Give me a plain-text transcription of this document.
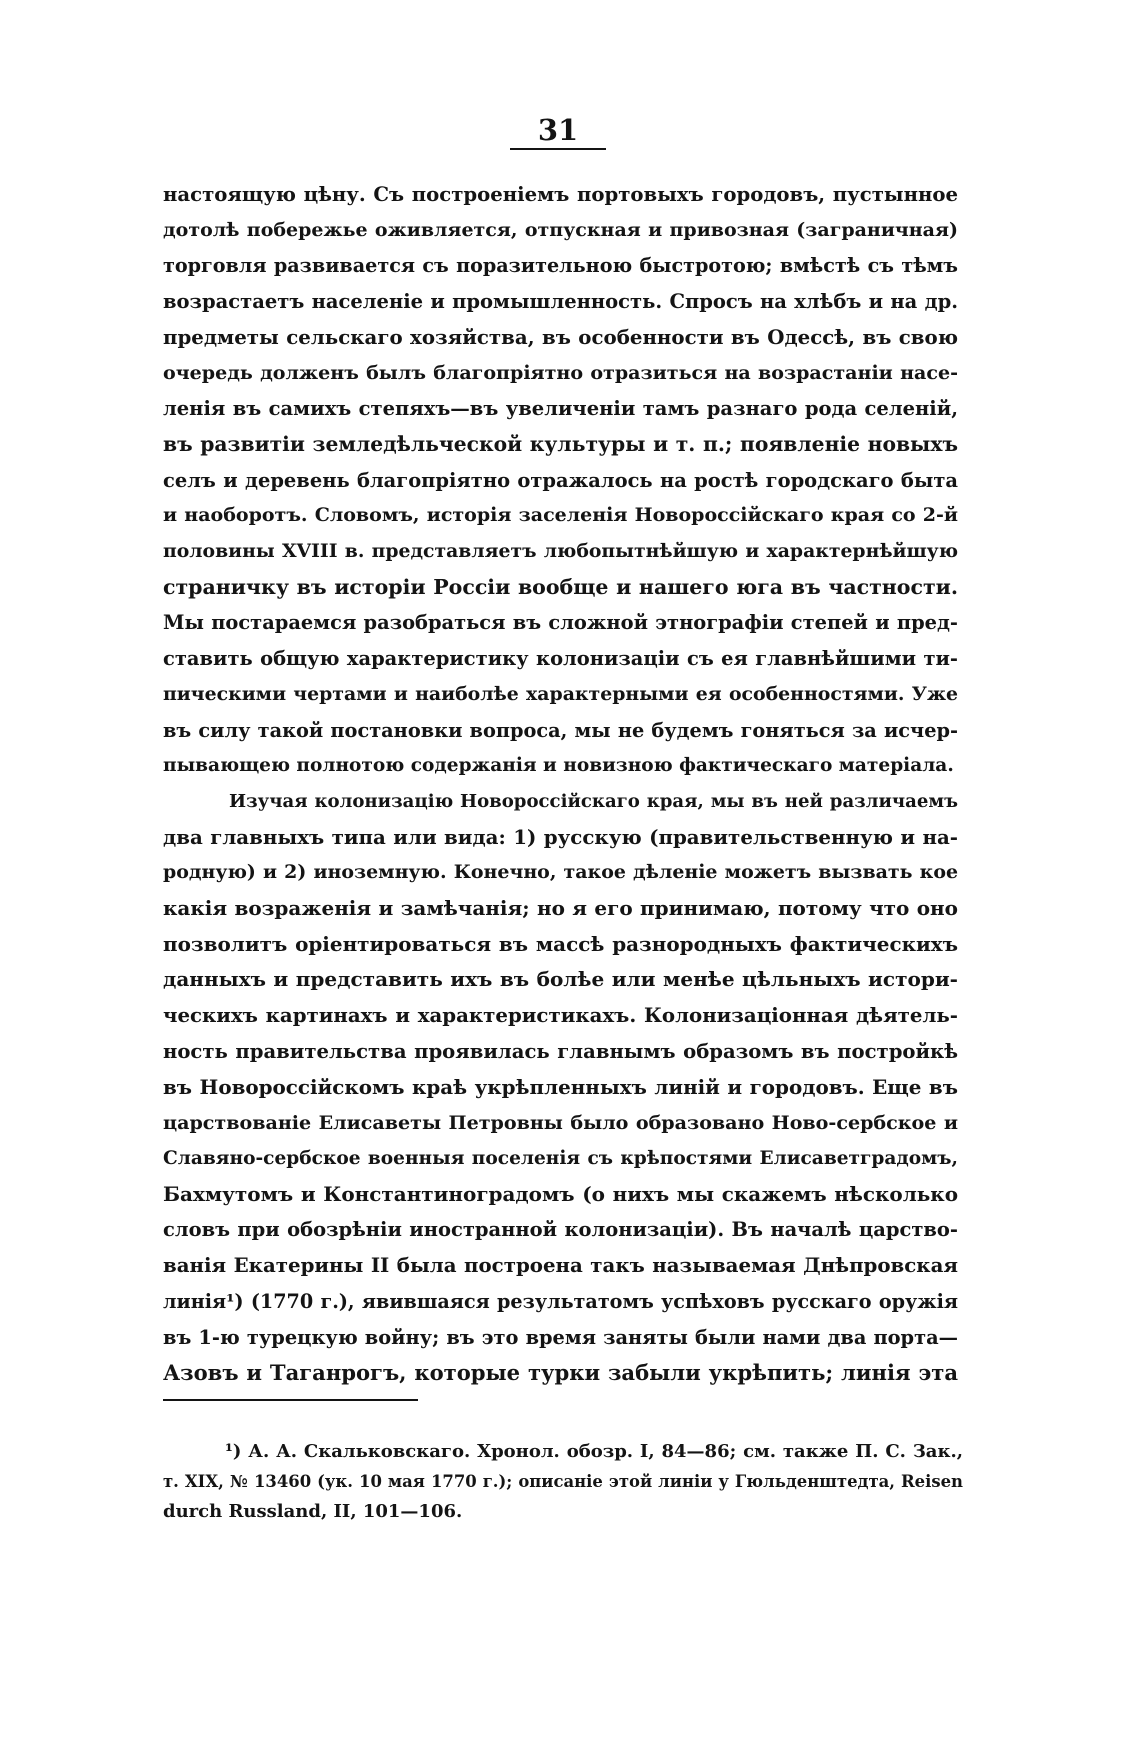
31

настоящую цѣну. Съ построеніемъ портовыхъ городовъ, пустынное
дотолѣ побережье оживляется, отпускная и привозная (заграничная)
торговля развивается съ поразительною быстротою; вмѣстѣ съ тѣмъ
возрастаетъ населеніе и промышленность. Спросъ на хлѣбъ и на др.
предметы сельскаго хозяйства, въ особенности въ Одессѣ, въ свою
очередь долженъ былъ благопріятно отразиться на возрастаніи насе-
ленія въ самихъ степяхъ—въ увеличеніи тамъ разнаго рода селеній,
въ развитіи земледѣльческой культуры и т. п.; появленіе новыхъ
селъ и деревень благопріятно отражалось на ростѣ городскаго быта
и наоборотъ. Словомъ, исторія заселенія Новороссійскаго края со 2-й
половины XVIII в. представляетъ любопытнѣйшую и характернѣйшую
страничку въ исторіи Россіи вообще и нашего юга въ частности.
Мы постараемся разобраться въ сложной этнографіи степей и пред-
ставить общую характеристику колонизаціи съ ея главнѣйшими ти-
пическими чертами и наиболѣе характерными ея особенностями. Уже
въ силу такой постановки вопроса, мы не будемъ гоняться за исчер-
пывающею полнотою содержанія и новизною фактическаго матеріала.

Изучая колонизацію Новороссійскаго края, мы въ ней различаемъ
два главныхъ типа или вида: 1) русскую (правительственную и на-
родную) и 2) иноземную. Конечно, такое дѣленіе можетъ вызвать кое
какія возраженія и замѣчанія; но я его принимаю, потому что оно
позволитъ оріентироваться въ массѣ разнородныхъ фактическихъ
данныхъ и представить ихъ въ болѣе или менѣе цѣльныхъ истори-
ческихъ картинахъ и характеристикахъ. Колонизаціонная дѣятель-
ность правительства проявилась главнымъ образомъ въ постройкѣ
въ Новороссійскомъ краѣ укрѣпленныхъ линій и городовъ. Еще въ
царствованіе Елисаветы Петровны было образовано Ново-сербское и
Славяно-сербское военныя поселенія съ крѣпостями Елисаветградомъ,
Бахмутомъ и Константиноградомъ (о нихъ мы скажемъ нѣсколько
словъ при обозрѣніи иностранной колонизаціи). Въ началѣ царство-
ванія Екатерины II была построена такъ называемая Днѣпровская
линія¹) (1770 г.), явившаяся результатомъ успѣховъ русскаго оружія
въ 1-ю турецкую войну; въ это время заняты были нами два порта—
Азовъ и Таганрогъ, которые турки забыли укрѣпить; линія эта

¹) А. А. Скальковскаго. Хронол. обозр. I, 84—86; см. также П. С. Зак.,
т. XIX, № 13460 (ук. 10 мая 1770 г.); описаніе этой линіи у Гюльденштедта, Reisen
durch Russland, II, 101—106.
